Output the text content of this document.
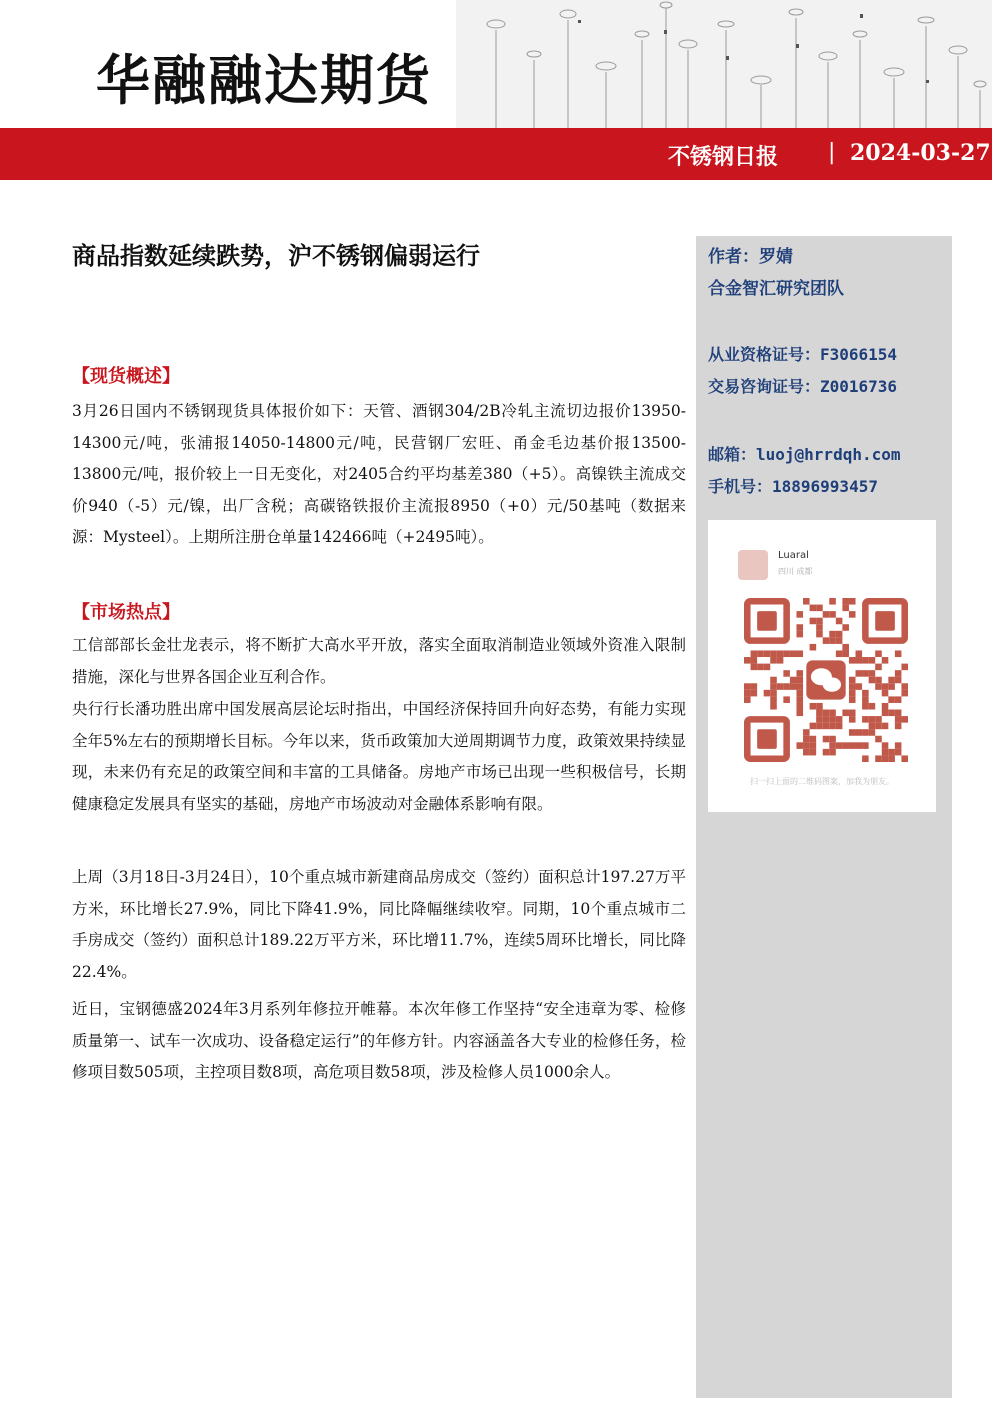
华融融达期货
不锈钢日报 | 2024-03-27
商品指数延续跌势，沪不锈钢偏弱运行
【现货概述】
3月26日国内不锈钢现货具体报价如下：天管、酒钢304/2B冷轧主流切边报价13950-14300元/吨，张浦报14050-14800元/吨，民营钢厂宏旺、甬金毛边基价报13500-13800元/吨，报价较上一日无变化，对2405合约平均基差380（+5）。高镍铁主流成交价940（-5）元/镍，出厂含税；高碳铬铁报价主流报8950（+0）元/50基吨（数据来源：Mysteel）。上期所注册仓单量142466吨（+2495吨）。
【市场热点】
工信部部长金壮龙表示，将不断扩大高水平开放，落实全面取消制造业领域外资准入限制措施，深化与世界各国企业互利合作。
央行行长潘功胜出席中国发展高层论坛时指出，中国经济保持回升向好态势，有能力实现全年5%左右的预期增长目标。今年以来，货币政策加大逆周期调节力度，政策效果持续显现，未来仍有充足的政策空间和丰富的工具储备。房地产市场已出现一些积极信号，长期健康稳定发展具有坚实的基础，房地产市场波动对金融体系影响有限。
上周（3月18日-3月24日），10个重点城市新建商品房成交（签约）面积总计197.27万平方米，环比增长27.9%，同比下降41.9%，同比降幅继续收窄。同期，10个重点城市二手房成交（签约）面积总计189.22万平方米，环比增11.7%，连续5周环比增长，同比降22.4%。
近日，宝钢德盛2024年3月系列年修拉开帷幕。本次年修工作坚持“安全违章为零、检修质量第一、试车一次成功、设备稳定运行”的年修方针。内容涵盖各大专业的检修任务，检修项目数505项，主控项目数8项，高危项目数58项，涉及检修人员1000余人。
作者：罗婧
合金智汇研究团队
从业资格证号：F3066154
交易咨询证号：Z0016736
邮箱：luoj@hrrdqh.com
手机号：18896993457
Luaral
四川 成都
扫一扫上面的二维码图案，加我为朋友。
